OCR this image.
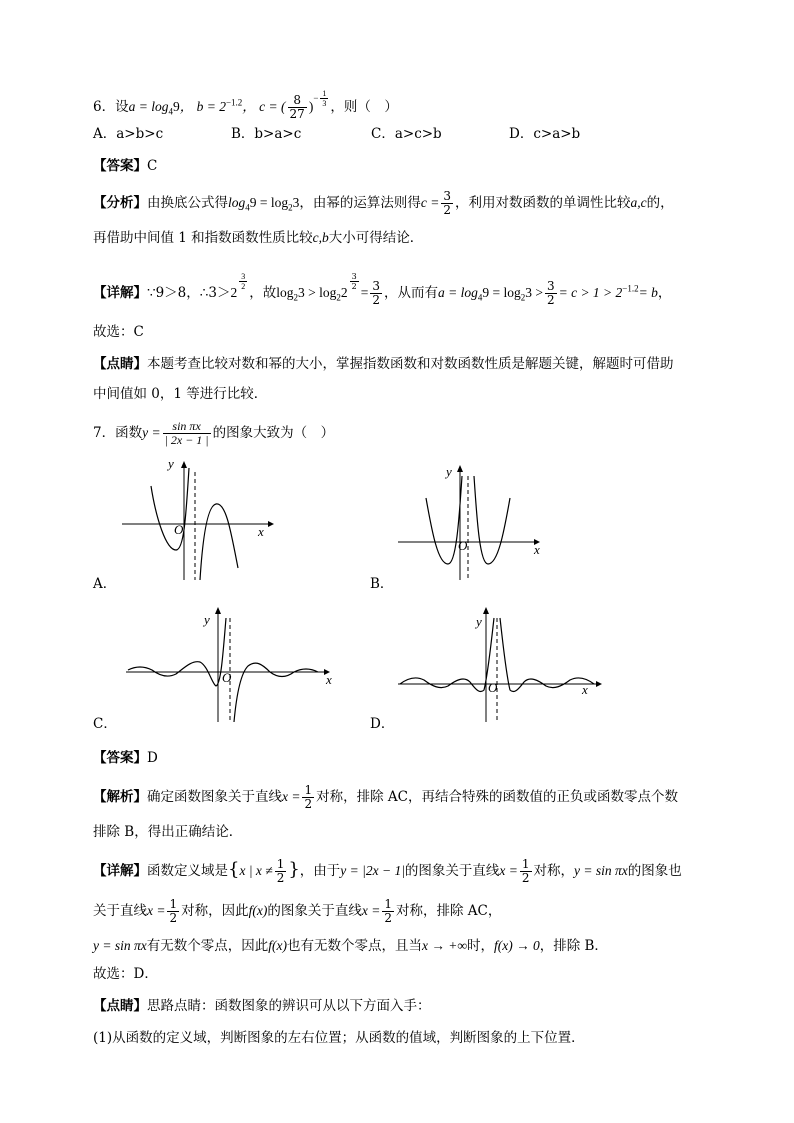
6．设$a = \log_49$， $b = 2^{-1.2}$， c = ( $\frac{8}{27} )^{- \frac{1}{3}}$ ，则（　）
A．a>b>c	B．b>a>c	C．a>c>b	D．c>a>b
【答案】C
【分析】由换底公式得$\log_49 = \log_23$，由幂的运算法则得$c = \frac{3}{2}$ ，利用对数函数的单调性比较a,c的，
再借助中间值 1 和指数函数性质比较c,b大小可得结论．
【详解】∵9＞8，∴3＞2
$^{\frac{3}{2}}$
，故$\log_23 > \log_22$
$^{\frac{3}{2}}$
= $\frac{3}{2}$ ，从而有$a = \log_49 = \log_23 > \frac{3}{2} = c > 1 > 2^{-1.2}= b$，
故选：C
【点睛】本题考查比较对数和幂的大小，掌握指数函数和对数函数性质是解题关键，解题时可借助
中间值如 0，1 等进行比较．
7．函数$y = \frac{\text{sin πx}}{| 2x - 1 |}$ 的图象大致为（　）
y
x
O
A．
y
x
O
B．
y
x
O
C．
y
x
O
D．
【答案】D
【解析】确定函数图象关于直线$x = \frac{1}{2}$ 对称，排除 AC，再结合特殊的函数值的正负或函数零点个数
排除 B，得出正确结论．
【详解】函数定义域是{x | $x \ne \frac{1}{2}$ }，由于y = |2x − 1|的图象关于直线$x = \frac{1}{2}$ 对称，y = sin πx的图象也
关于直线$x = \frac{1}{2}$ 对称，因此f(x)的图象关于直线$x = \frac{1}{2}$ 对称，排除 AC，
y = sin πx有无数个零点，因此f(x)也有无数个零点，且当x → +∞时，f(x) → 0，排除 B．
故选：D．
【点睛】思路点睛：函数图象的辨识可从以下方面入手：
(1)从函数的定义域，判断图象的左右位置；从函数的值域，判断图象的上下位置．
